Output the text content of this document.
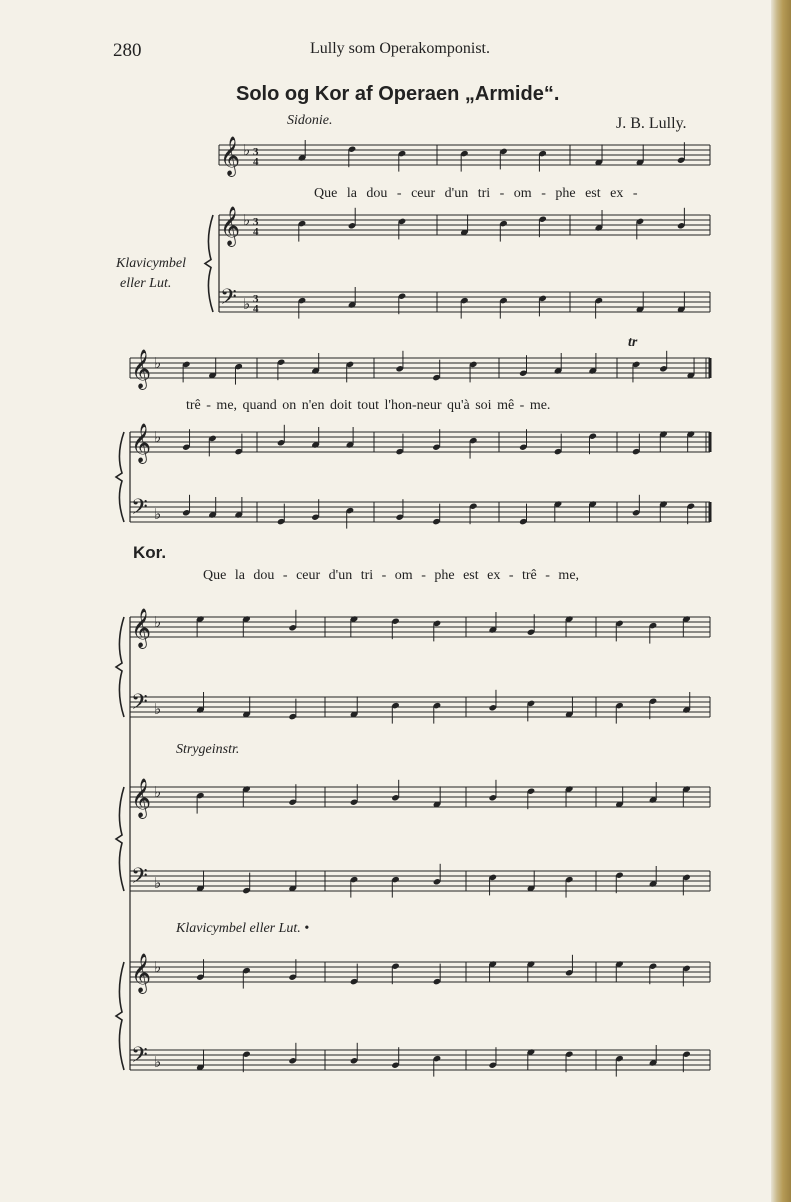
280	Lully som Operakomponist.
Solo og Kor af Operaen „Armide“.
Sidonie.	J. B. Lully.
Klavicymbel
eller Lut.
Kor.
Strygeinstr.
Klavicymbel eller Lut. •
Que la dou - ceur d'un tri - om - phe est ex -
trê - me, quand on n'en doit tout l'hon-neur qu'à soi mê - me.
Que la dou - ceur d'un tri - om - phe est ex - trê - me,
𝄞 ♭ 3
4
𝄞 ♭ 3
4
𝄢 ♭ 3
4
𝄞 ♭
𝄞 ♭
𝄢 ♭
tr
𝄞 ♭
𝄢 ♭
𝄞 ♭
𝄢 ♭
𝄞 ♭
𝄢 ♭
